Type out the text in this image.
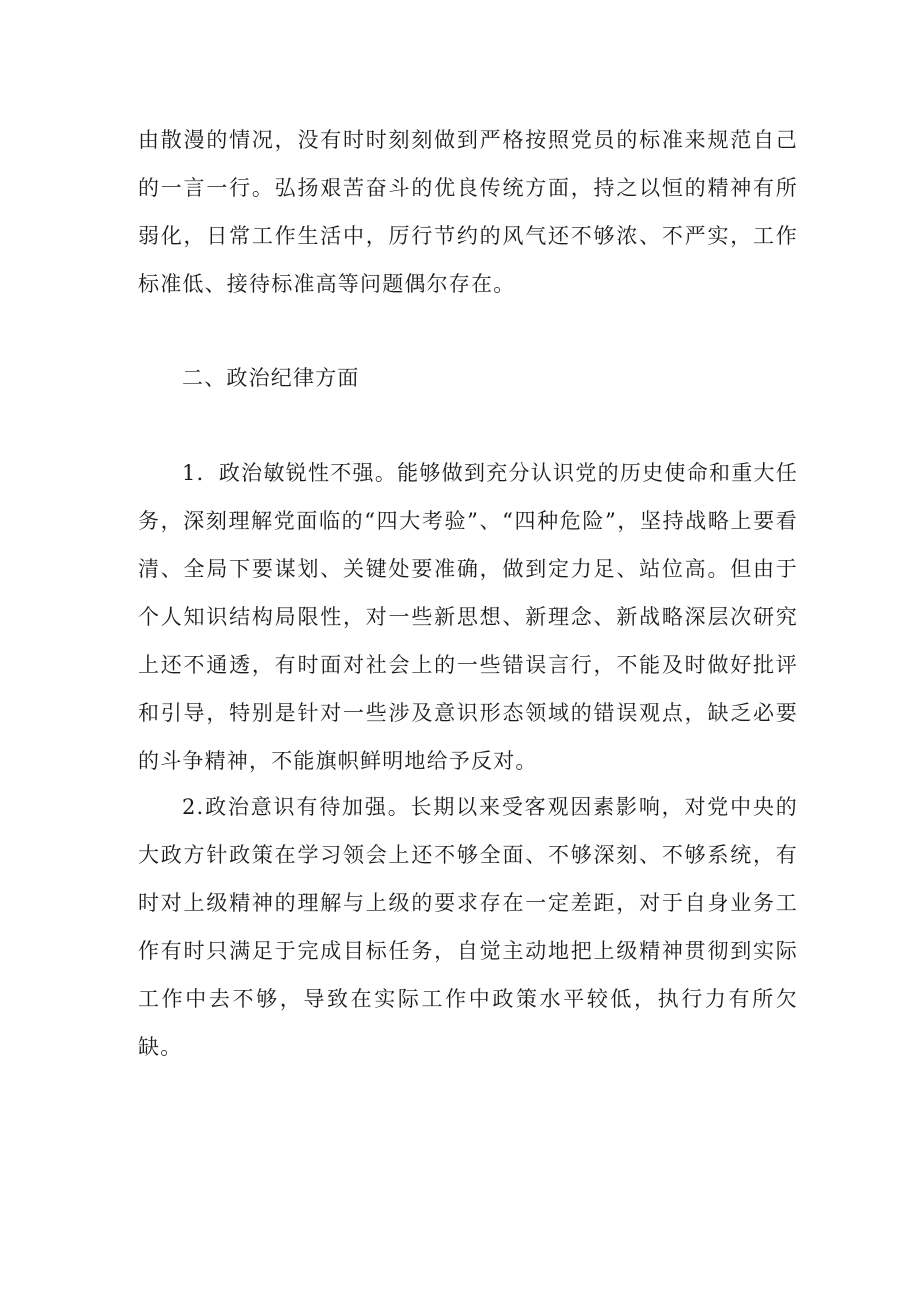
由散漫的情况，没有时时刻刻做到严格按照党员的标准来规范自己的一言一行。弘扬艰苦奋斗的优良传统方面，持之以恒的精神有所弱化，日常工作生活中，厉行节约的风气还不够浓、不严实，工作标准低、接待标准高等问题偶尔存在。

二、政治纪律方面

1．政治敏锐性不强。能够做到充分认识党的历史使命和重大任务，深刻理解党面临的“四大考验”、“四种危险”，坚持战略上要看清、全局下要谋划、关键处要准确，做到定力足、站位高。但由于个人知识结构局限性，对一些新思想、新理念、新战略深层次研究上还不通透，有时面对社会上的一些错误言行，不能及时做好批评和引导，特别是针对一些涉及意识形态领域的错误观点，缺乏必要的斗争精神，不能旗帜鲜明地给予反对。

2.政治意识有待加强。长期以来受客观因素影响，对党中央的大政方针政策在学习领会上还不够全面、不够深刻、不够系统，有时对上级精神的理解与上级的要求存在一定差距，对于自身业务工作有时只满足于完成目标任务，自觉主动地把上级精神贯彻到实际工作中去不够，导致在实际工作中政策水平较低，执行力有所欠缺。
